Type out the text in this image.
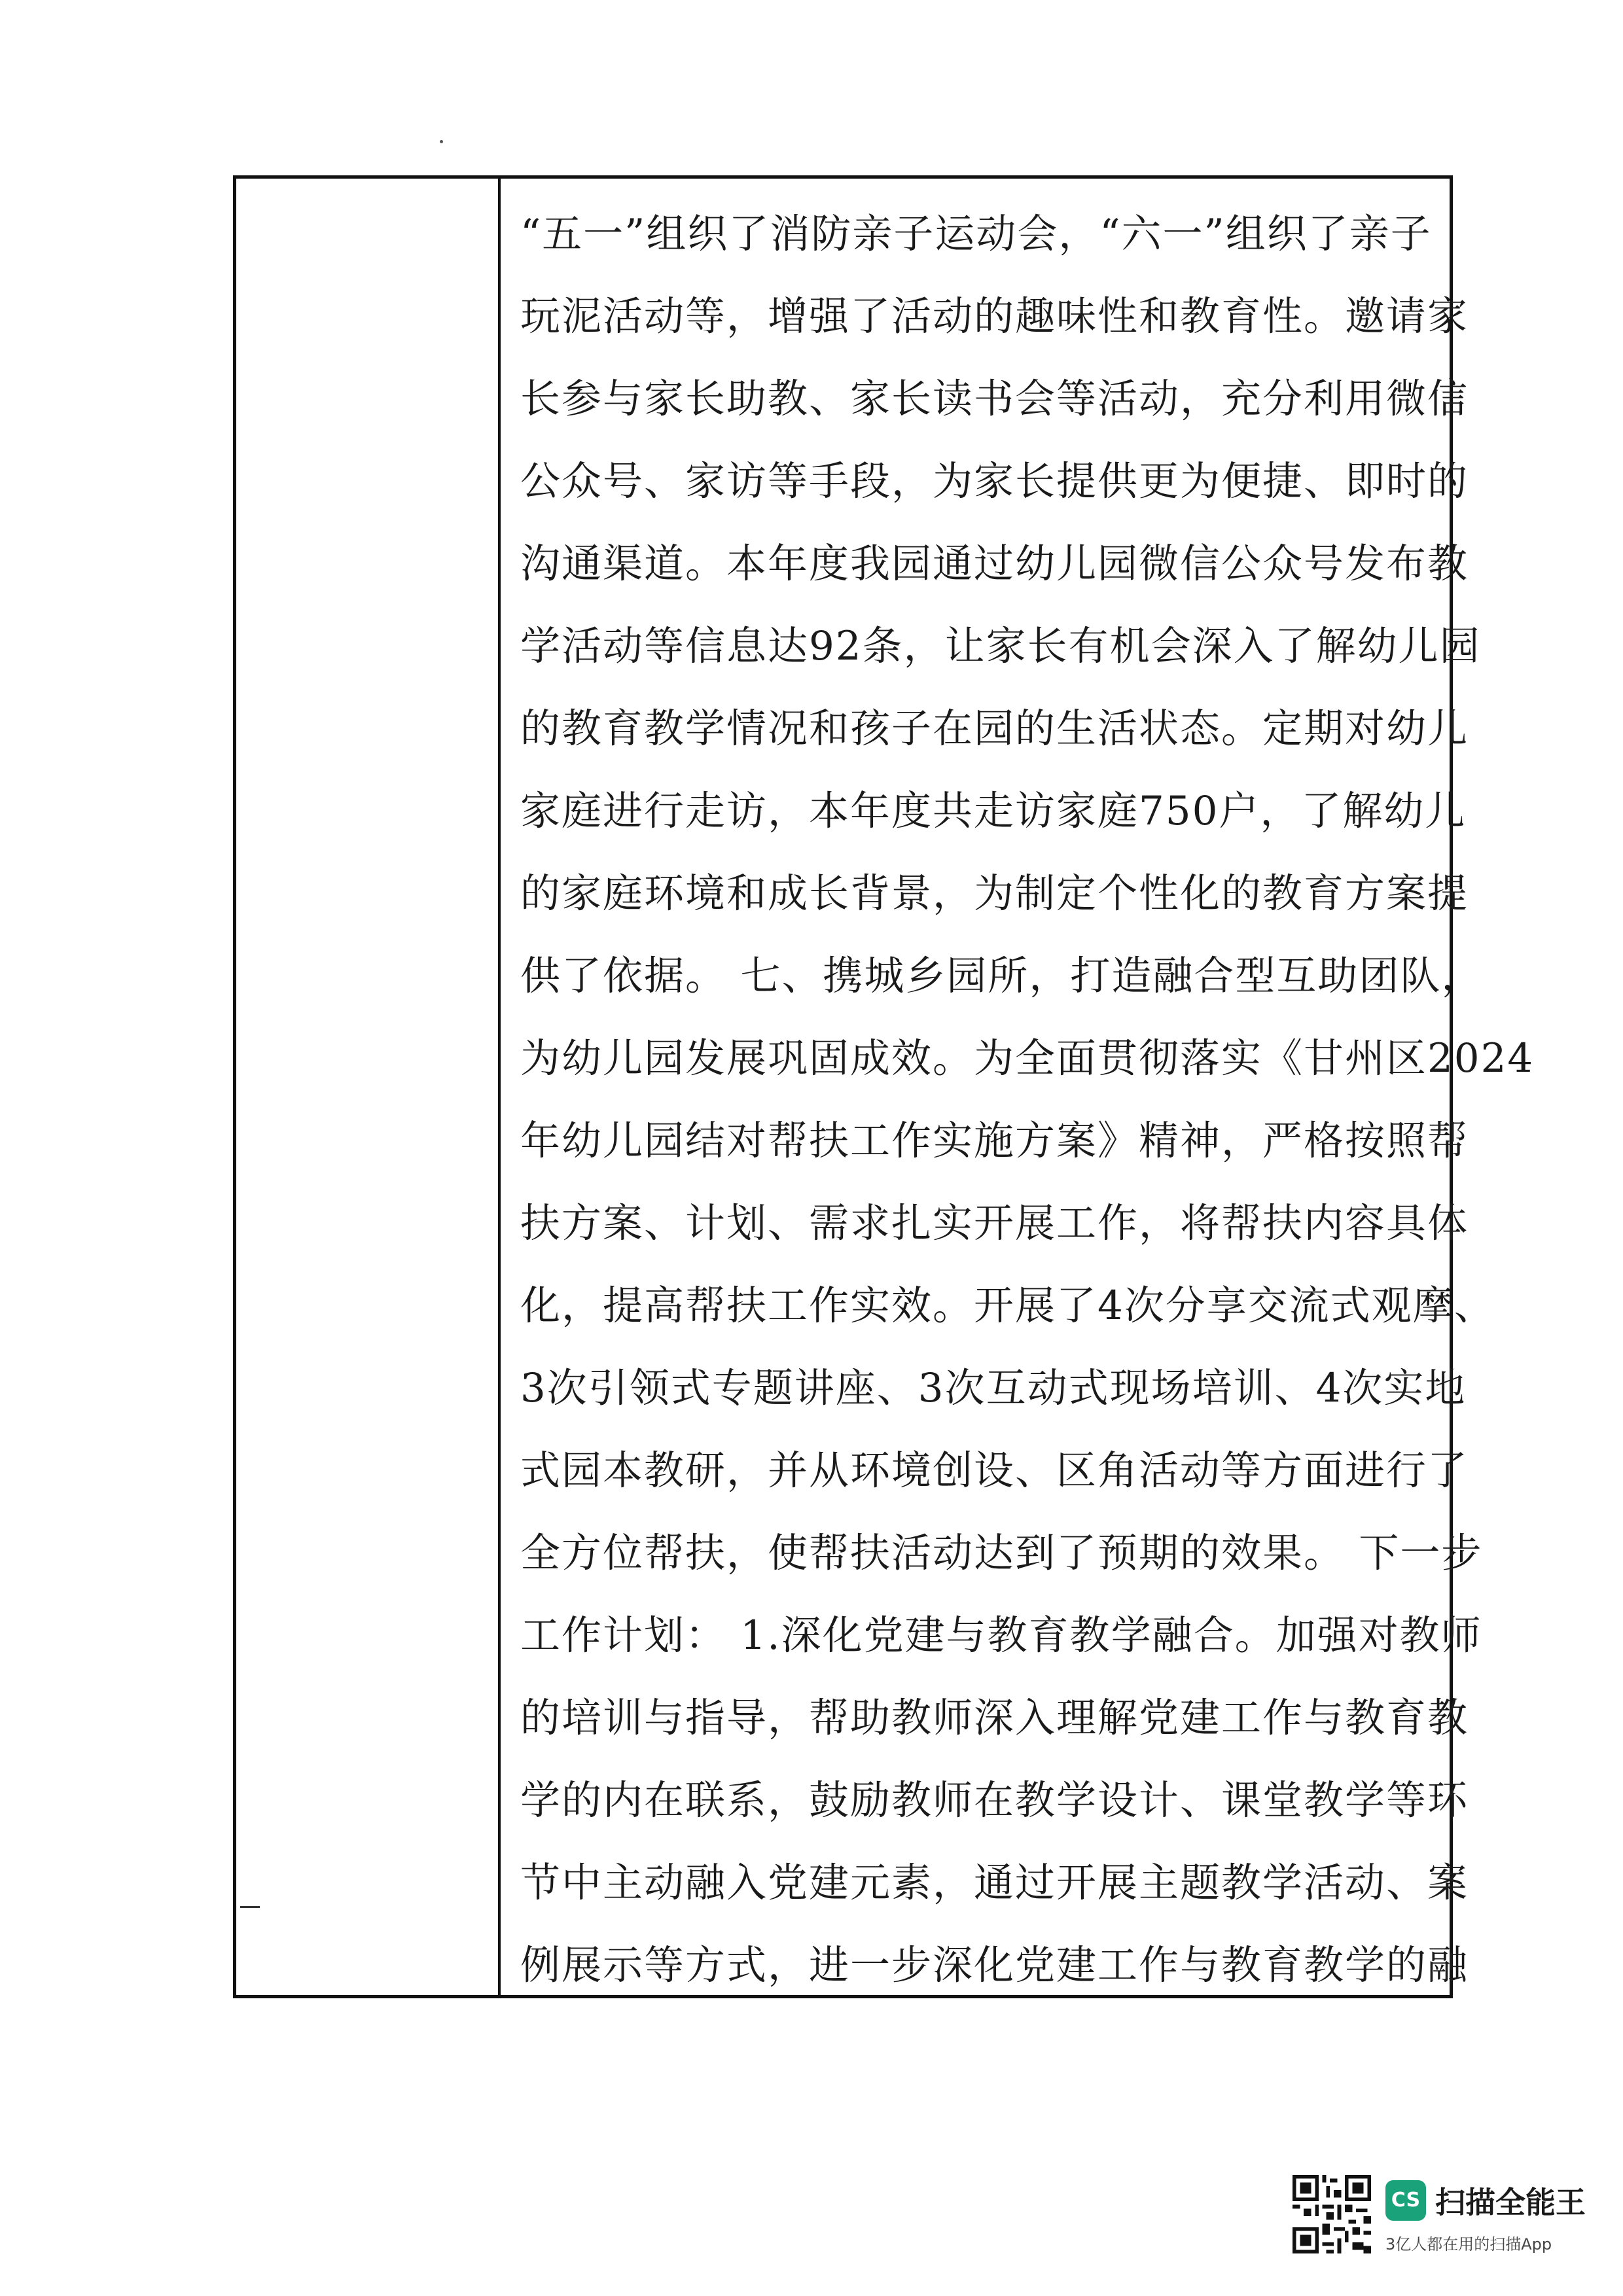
“五一”组织了消防亲子运动会，“六一”组织了亲子
玩泥活动等，增强了活动的趣味性和教育性。邀请家
长参与家长助教、家长读书会等活动，充分利用微信
公众号、家访等手段，为家长提供更为便捷、即时的
沟通渠道。本年度我园通过幼儿园微信公众号发布教
学活动等信息达92条，让家长有机会深入了解幼儿园
的教育教学情况和孩子在园的生活状态。定期对幼儿
家庭进行走访，本年度共走访家庭750户，了解幼儿
的家庭环境和成长背景，为制定个性化的教育方案提
供了依据。 七、携城乡园所，打造融合型互助团队，
为幼儿园发展巩固成效。为全面贯彻落实《甘州区2024
年幼儿园结对帮扶工作实施方案》精神，严格按照帮
扶方案、计划、需求扎实开展工作，将帮扶内容具体
化，提高帮扶工作实效。开展了4次分享交流式观摩、
3次引领式专题讲座、3次互动式现场培训、4次实地
式园本教研，并从环境创设、区角活动等方面进行了
全方位帮扶，使帮扶活动达到了预期的效果。 下一步
工作计划： 1.深化党建与教育教学融合。加强对教师
的培训与指导，帮助教师深入理解党建工作与教育教
学的内在联系，鼓励教师在教学设计、课堂教学等环
节中主动融入党建元素，通过开展主题教学活动、案
例展示等方式，进一步深化党建工作与教育教学的融
CS 扫描全能王
3亿人都在用的扫描App
